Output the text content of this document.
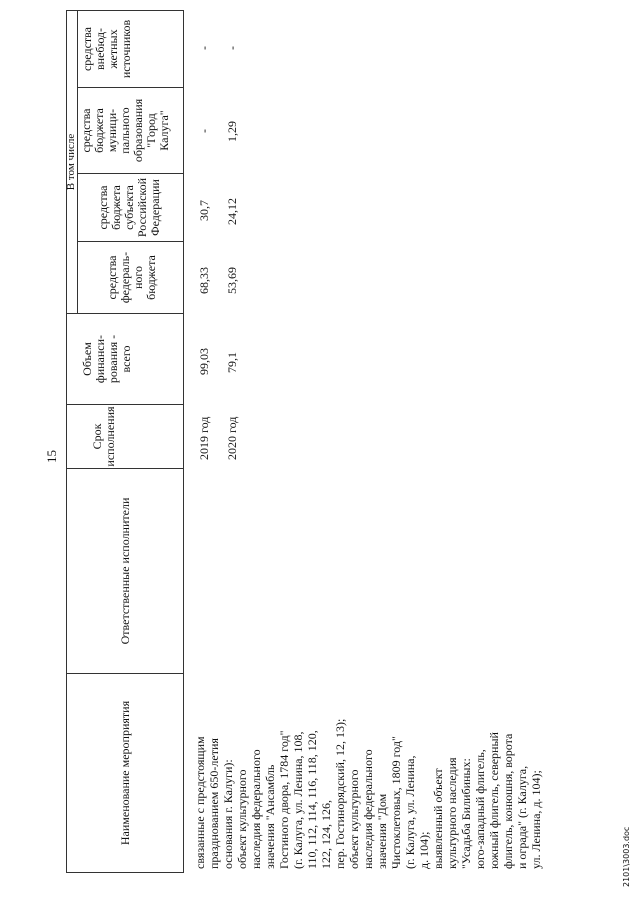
15
2101\3003.doc
Наименование мероприятия
Ответственные исполнители
Срок исполнения
Объем финанси- рования - всего
В том числе
средства федераль- ного бюджета
средства бюджета субъекта Российской Федерации
средства бюджета муници- пального образования "Город Калуга"
средства внебюд- жетных источников
связанные с предстоящим празднованием 650-летия основания г. Калуги): объект культурного наследия федерального значения "Ансамбль Гостиного двора, 1784 год" (г. Калуга, ул. Ленина, 108, 110, 112, 114, 116, 118, 120, 122, 124, 126, пер. Гостинорядский, 12, 13); объект культурного наследия федерального значения "Дом Чистоклетовых, 1809 год" (г. Калуга, ул. Ленина, д. 104); выявленный объект культурного наследия "Усадьба Билибиных: юго-западный флигель, южный флигель, северный флигель, конюшня, ворота и ограда" (г. Калуга, ул. Ленина, д. 104);
2019 год
99,03
68,33
30,7
-
-
2020 год
79,1
53,69
24,12
1,29
-
